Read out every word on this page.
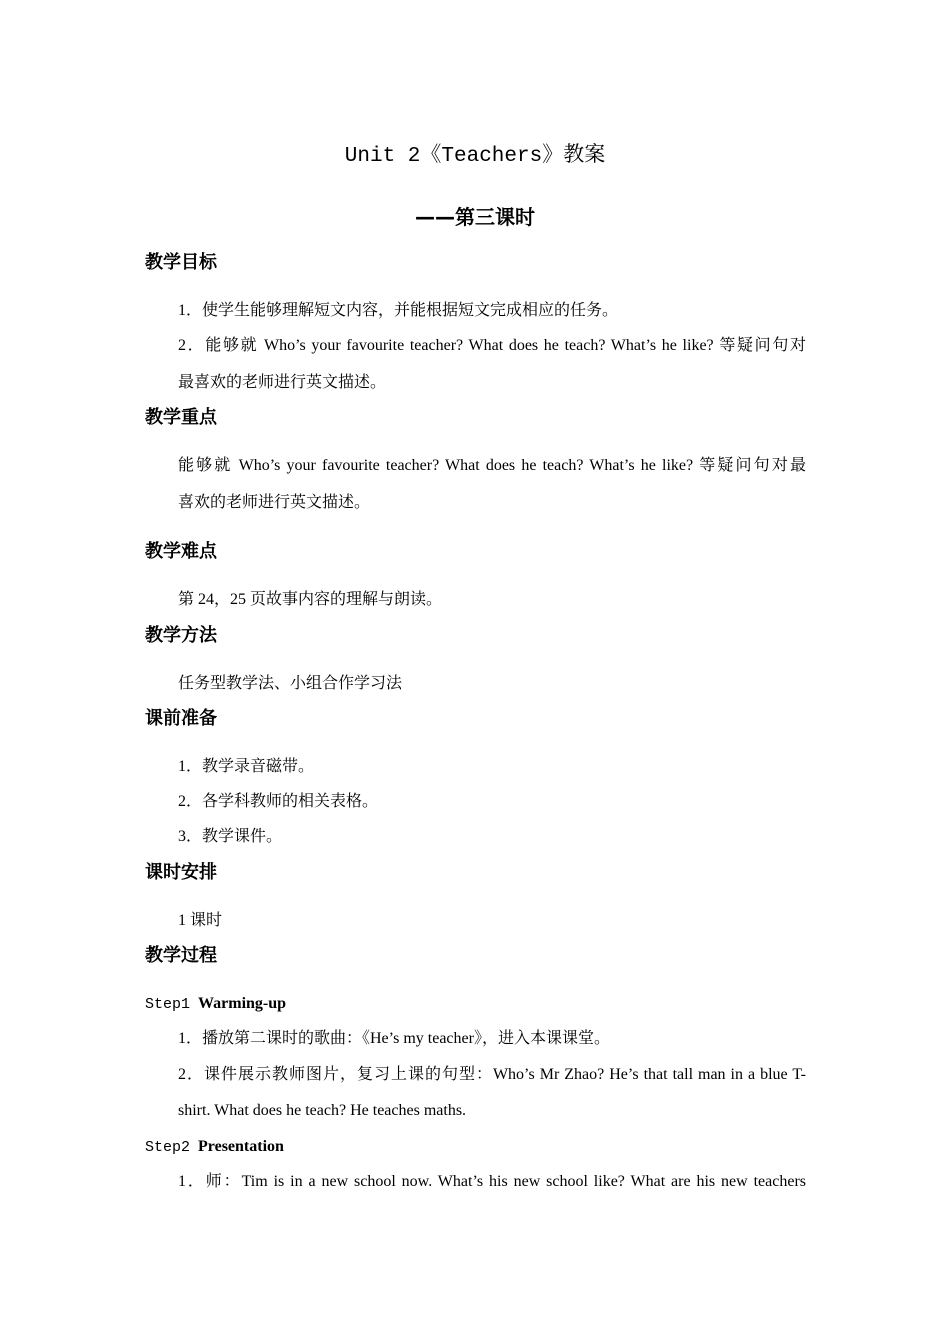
Unit 2《Teachers》教案
——第三课时
教学目标
1．使学生能够理解短文内容，并能根据短文完成相应的任务。
2．能够就 Who’s your favourite teacher? What does he teach? What’s he like? 等疑问句对
最喜欢的老师进行英文描述。
教学重点
能够就 Who’s your favourite teacher? What does he teach? What’s he like? 等疑问句对最
喜欢的老师进行英文描述。
教学难点
第 24，25 页故事内容的理解与朗读。
教学方法
任务型教学法、小组合作学习法
课前准备
1．教学录音磁带。
2．各学科教师的相关表格。
3．教学课件。
课时安排
1 课时
教学过程
Step1 Warming-up
1．播放第二课时的歌曲：《He’s my teacher》，进入本课课堂。
2．课件展示教师图片，复习上课的句型：Who’s Mr Zhao? He’s that tall man in a blue T-
shirt. What does he teach? He teaches maths.
Step2 Presentation
1．师：Tim is in a new school now. What’s his new school like? What are his new teachers
